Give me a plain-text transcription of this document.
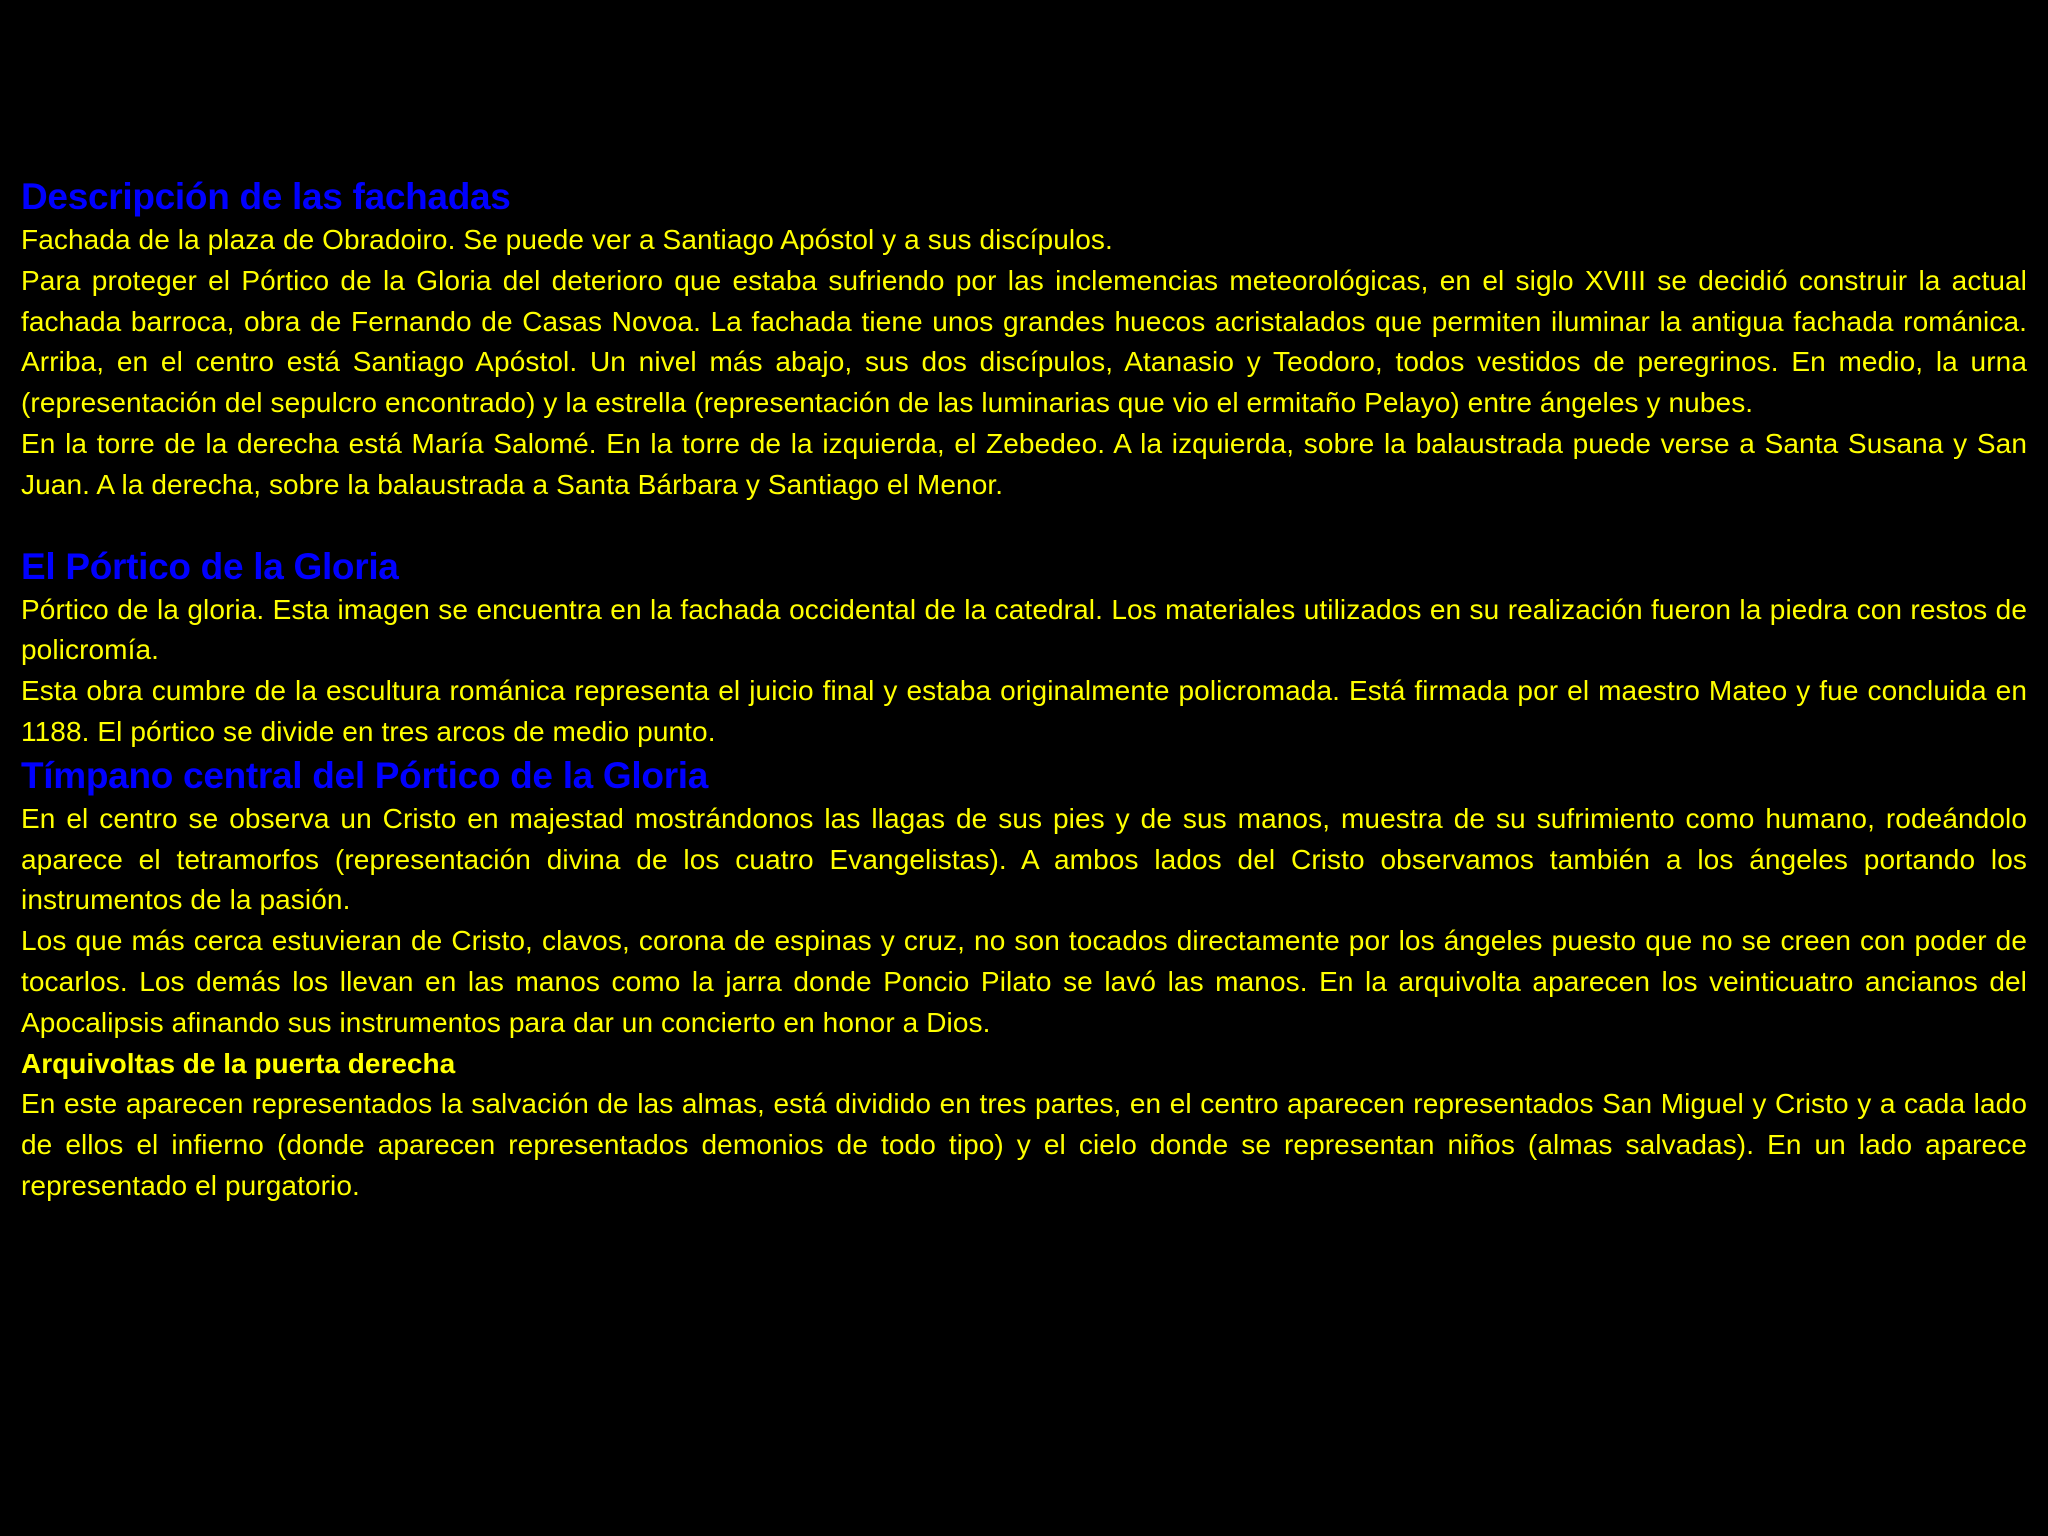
Descripción de las fachadas

Fachada de la plaza de Obradoiro. Se puede ver a Santiago Apóstol y a sus discípulos.

Para proteger el Pórtico de la Gloria del deterioro que estaba sufriendo por las inclemencias meteorológicas, en el siglo XVIII se decidió construir la actual fachada barroca, obra de Fernando de Casas Novoa. La fachada tiene unos grandes huecos acristalados que permiten iluminar la antigua fachada románica. Arriba, en el centro está Santiago Apóstol. Un nivel más abajo, sus dos discípulos, Atanasio y Teodoro, todos vestidos de peregrinos. En medio, la urna (representación del sepulcro encontrado) y la estrella (representación de las luminarias que vio el ermitaño Pelayo) entre ángeles y nubes.

En la torre de la derecha está María Salomé. En la torre de la izquierda, el Zebedeo. A la izquierda, sobre la balaustrada puede verse a Santa Susana y San Juan. A la derecha, sobre la balaustrada a Santa Bárbara y Santiago el Menor.

El Pórtico de la Gloria

Pórtico de la gloria. Esta imagen se encuentra en la fachada occidental de la catedral. Los materiales utilizados en su realización fueron la piedra con restos de policromía.

Esta obra cumbre de la escultura románica representa el juicio final y estaba originalmente policromada. Está firmada por el maestro Mateo y fue concluida en 1188. El pórtico se divide en tres arcos de medio punto.

Tímpano central del Pórtico de la Gloria

En el centro se observa un Cristo en majestad mostrándonos las llagas de sus pies y de sus manos, muestra de su sufrimiento como humano, rodeándolo aparece el tetramorfos (representación divina de los cuatro Evangelistas). A ambos lados del Cristo observamos también a los ángeles portando los instrumentos de la pasión.

Los que más cerca estuvieran de Cristo, clavos, corona de espinas y cruz, no son tocados directamente por los ángeles puesto que no se creen con poder de tocarlos. Los demás los llevan en las manos como la jarra donde Poncio Pilato se lavó las manos. En la arquivolta aparecen los veinticuatro ancianos del Apocalipsis afinando sus instrumentos para dar un concierto en honor a Dios.

Arquivoltas de la puerta derecha

En este aparecen representados la salvación de las almas, está dividido en tres partes, en el centro aparecen representados San Miguel y Cristo y a cada lado de ellos el infierno (donde aparecen representados demonios de todo tipo) y el cielo donde se representan niños (almas salvadas). En un lado aparece representado el purgatorio.
